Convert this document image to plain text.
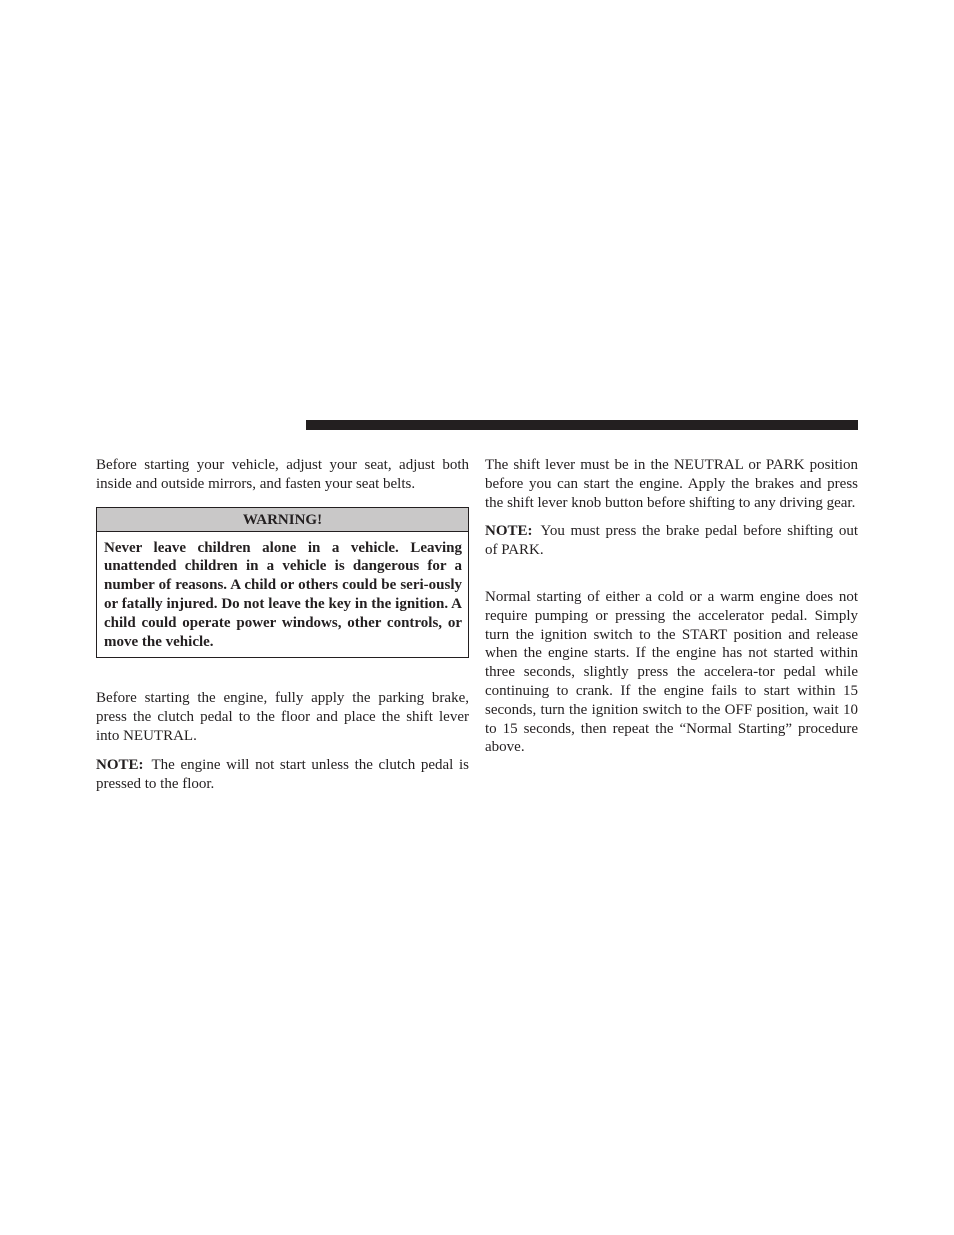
Before starting your vehicle, adjust your seat, adjust both inside and outside mirrors, and fasten your seat belts.

WARNING!
Never leave children alone in a vehicle. Leaving unattended children in a vehicle is dangerous for a number of reasons. A child or others could be seri-ously or fatally injured. Do not leave the key in the ignition. A child could operate power windows, other controls, or move the vehicle.

Before starting the engine, fully apply the parking brake, press the clutch pedal to the floor and place the shift lever into NEUTRAL.

NOTE: The engine will not start unless the clutch pedal is pressed to the floor.

The shift lever must be in the NEUTRAL or PARK position before you can start the engine. Apply the brakes and press the shift lever knob button before shifting to any driving gear.

NOTE: You must press the brake pedal before shifting out of PARK.

Normal starting of either a cold or a warm engine does not require pumping or pressing the accelerator pedal. Simply turn the ignition switch to the START position and release when the engine starts. If the engine has not started within three seconds, slightly press the accelera-tor pedal while continuing to crank. If the engine fails to start within 15 seconds, turn the ignition switch to the OFF position, wait 10 to 15 seconds, then repeat the “Normal Starting” procedure above.
